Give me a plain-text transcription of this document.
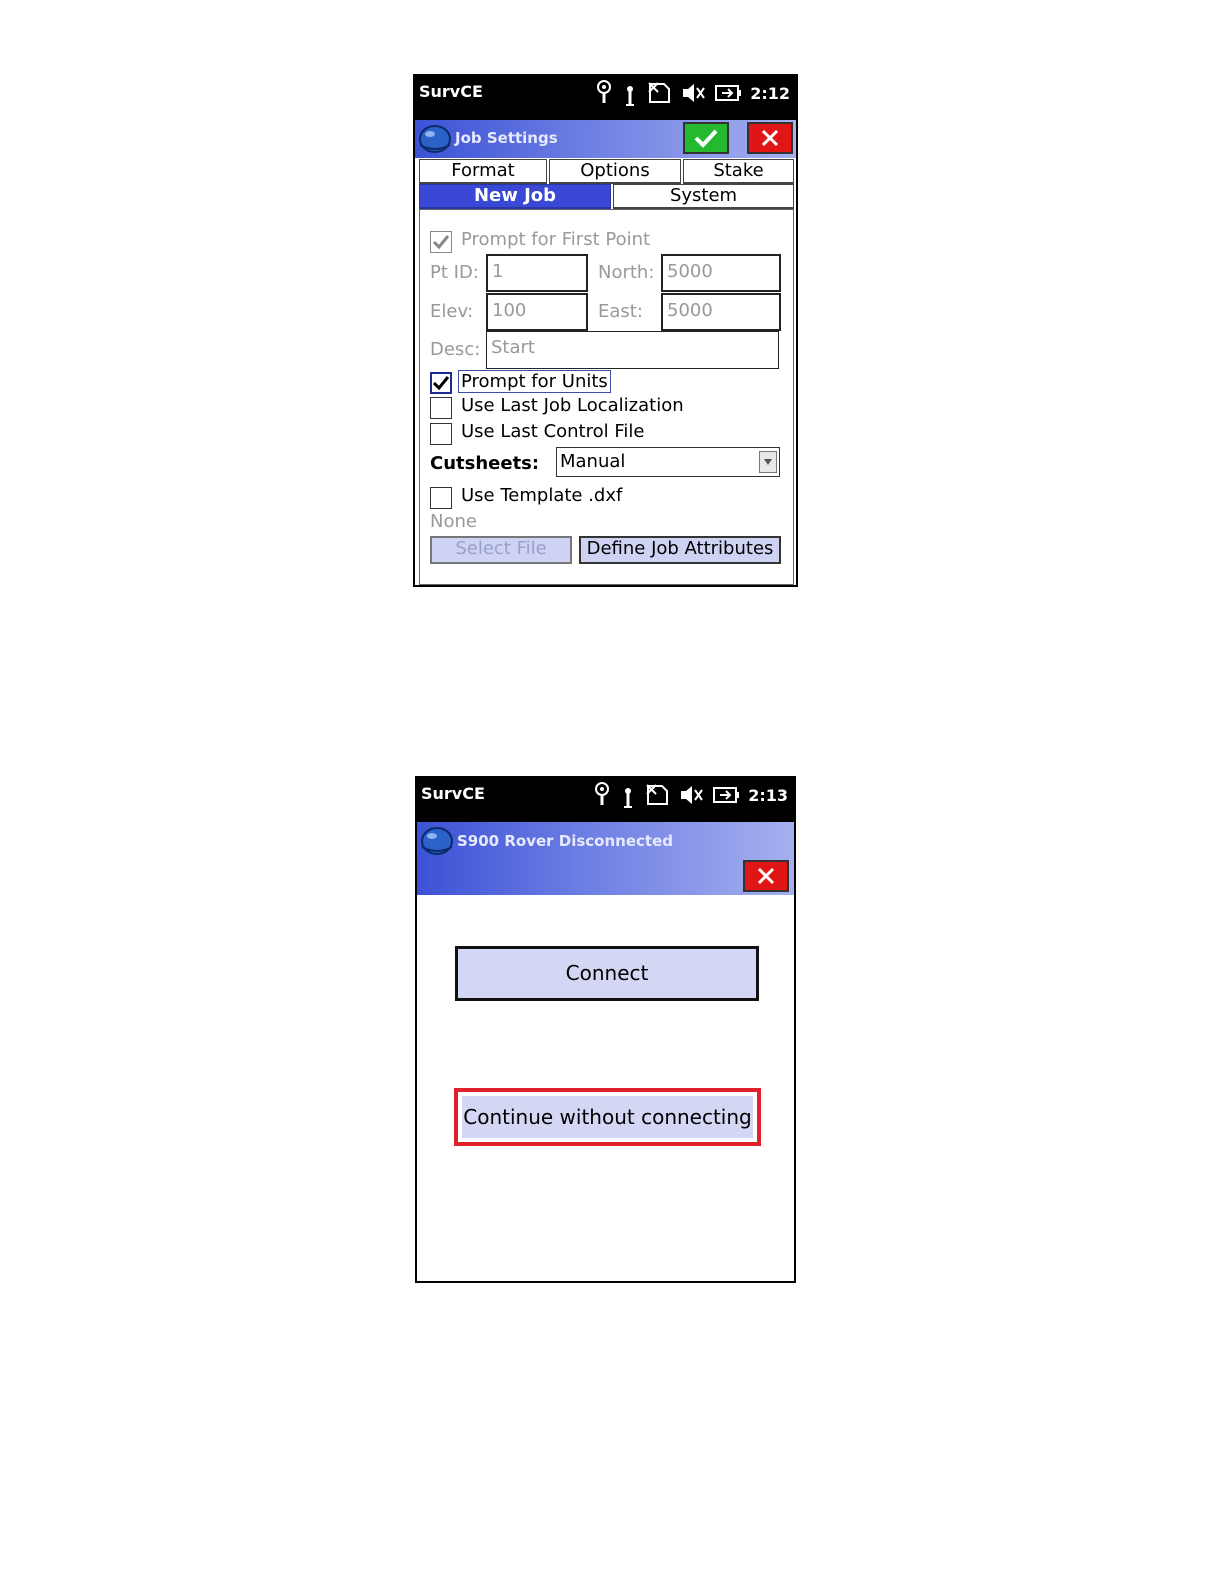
SurvCE	2:12
Job Settings
Format	Options	Stake
New Job	System
Prompt for First Point
Pt ID: 1	North: 5000
Elev:	100	East:	5000
Desc: Start
Prompt for Units
Use Last Job Localization
Use Last Control File
Cutsheets: Manual
Use Template .dxf
None
Select File	Define Job Attributes
SurvCE	2:13
S900 Rover Disconnected
Connect
Continue without connecting
